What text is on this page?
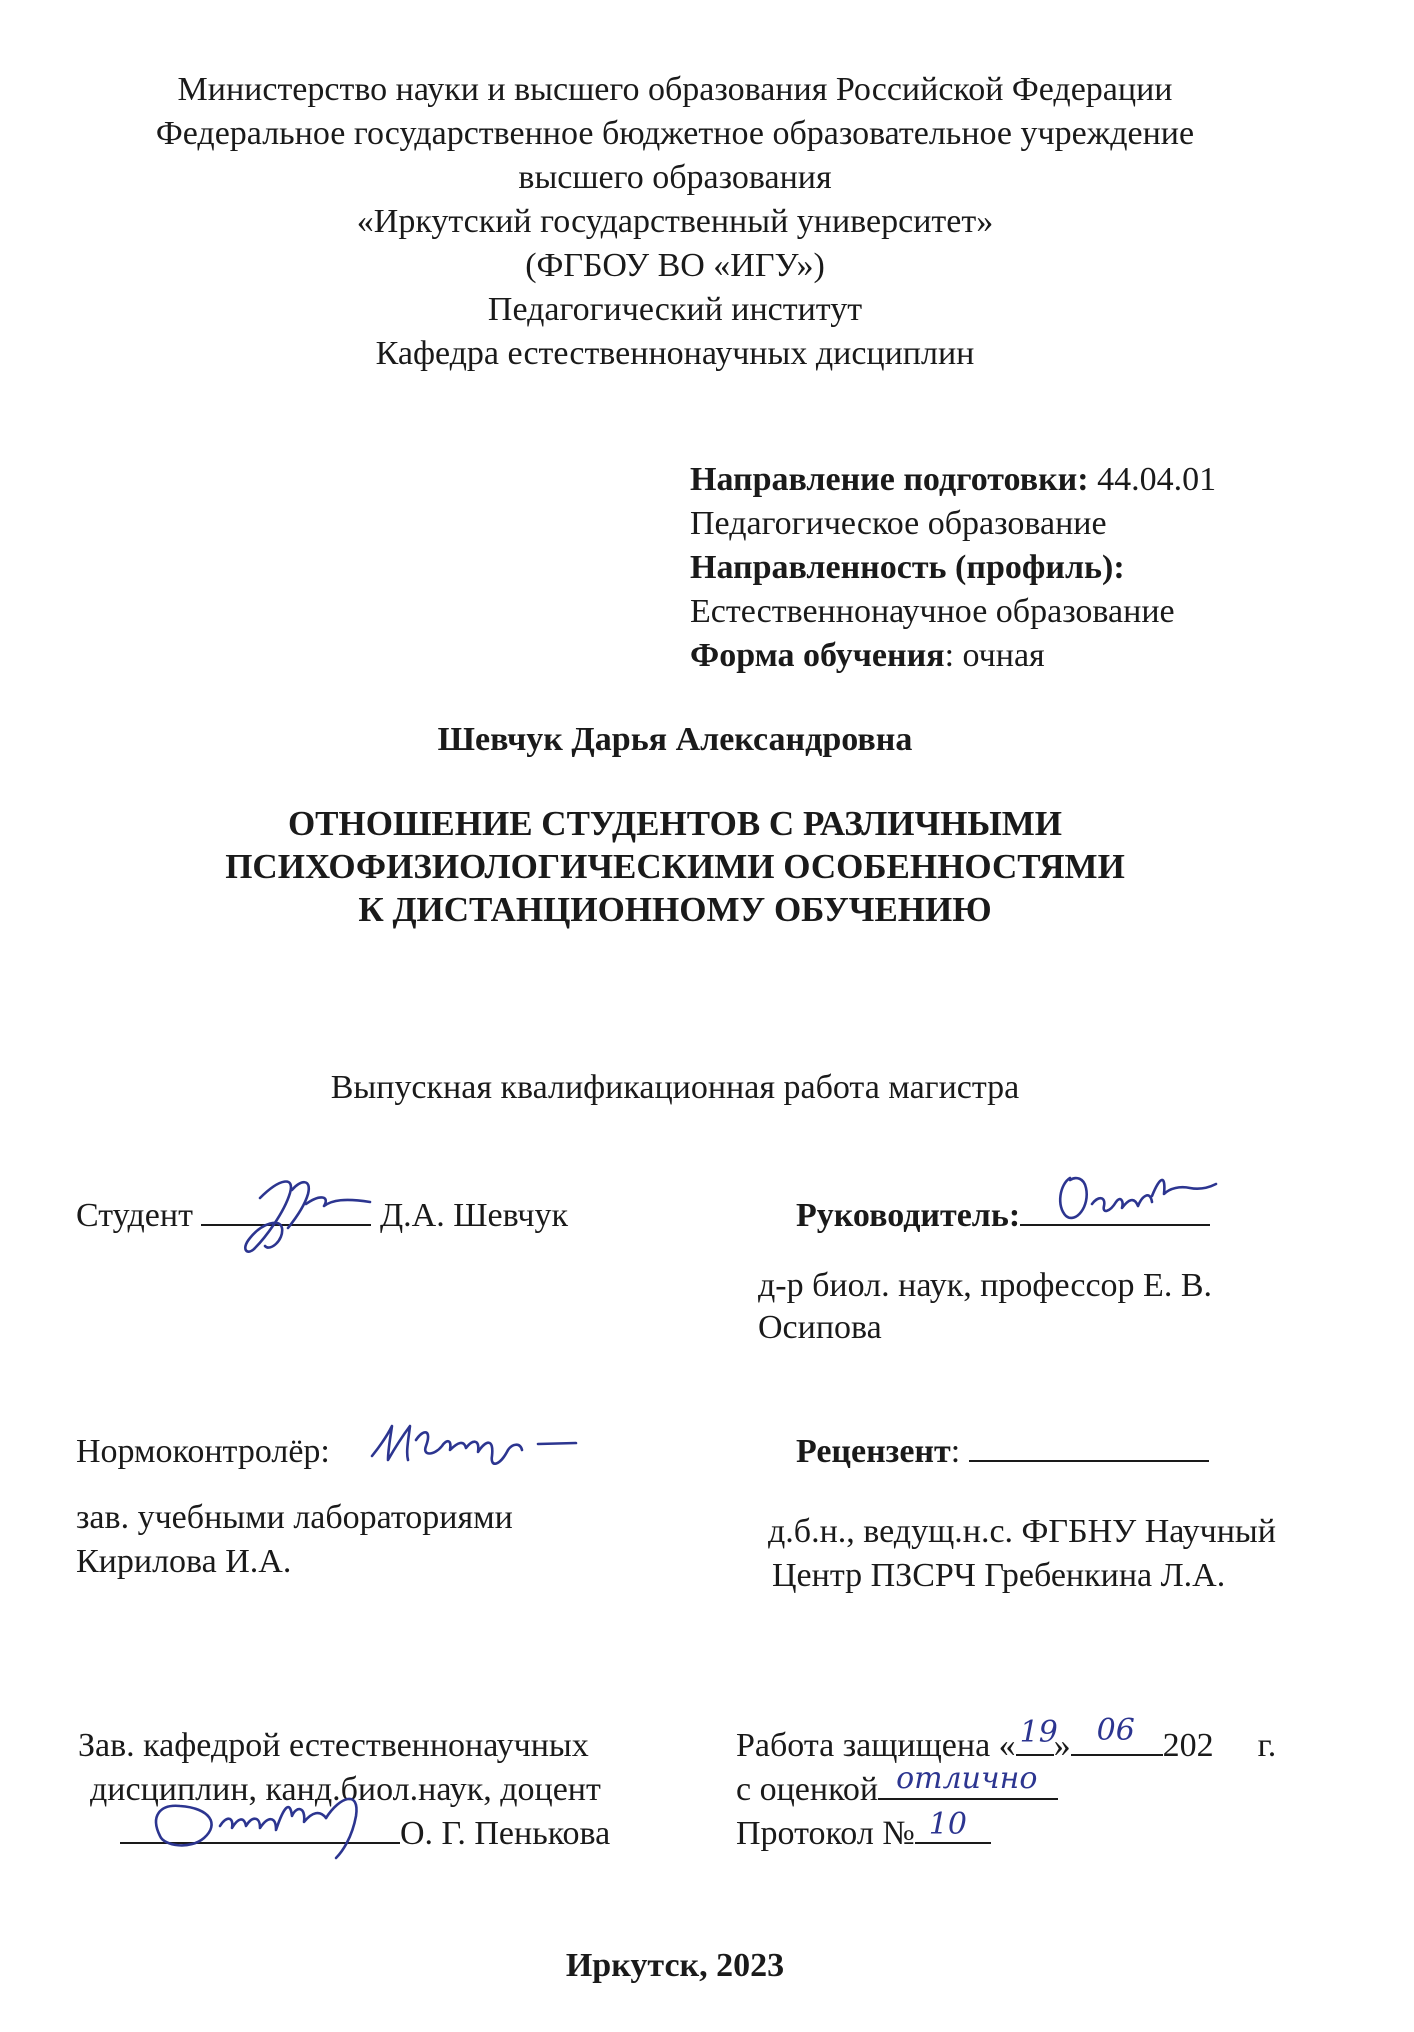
Министерство науки и высшего образования Российской Федерации
Федеральное государственное бюджетное образовательное учреждение
высшего образования
«Иркутский государственный университет»
(ФГБОУ ВО «ИГУ»)
Педагогический институт
Кафедра естественнонаучных дисциплин
Направление подготовки: 44.04.01
Педагогическое образование
Направленность (профиль):
Естественнонаучное образование
Форма обучения: очная
Шевчук Дарья Александровна
ОТНОШЕНИЕ СТУДЕНТОВ С РАЗЛИЧНЫМИ
ПСИХОФИЗИОЛОГИЧЕСКИМИ ОСОБЕННОСТЯМИ
К ДИСТАНЦИОННОМУ ОБУЧЕНИЮ
Выпускная квалификационная работа магистра
Студент	Д.А. Шевчук	Руководитель:
д-р биол. наук, профессор Е. В.
Осипова
Нормоконтролёр:
зав. учебными лабораториями
Кирилова И.А.
Рецензент:
д.б.н., ведущ.н.с. ФГБНУ Научный
Центр ПЗСРЧ Гребенкина Л.А.
Зав. кафедрой естественнонаучных
дисциплин, канд.биол.наук, доцент
О. Г. Пенькова
Работа защищена « 19
» 06 202 г.
с оценкой отлично
Протокол № 10
Иркутск, 2023
